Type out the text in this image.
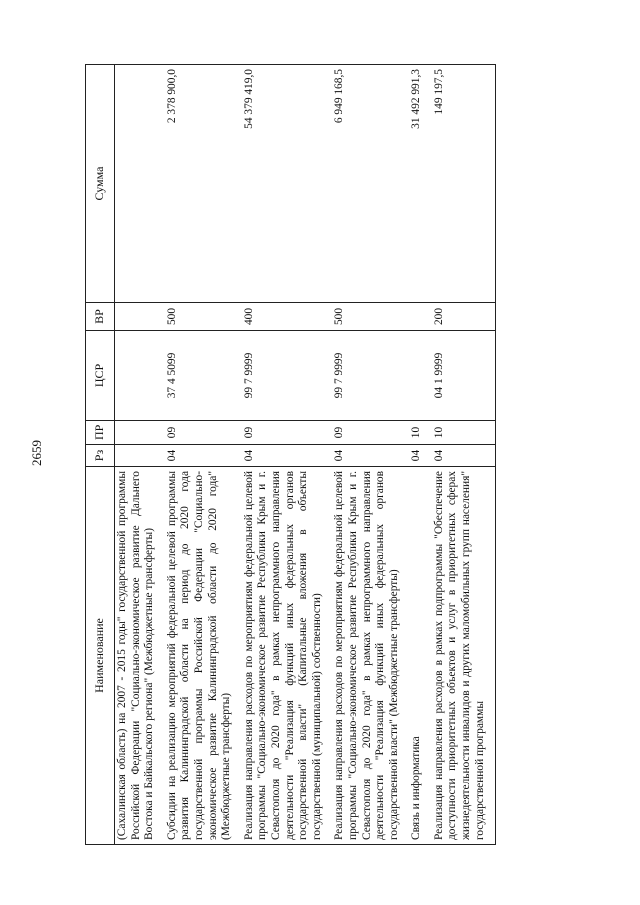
2659
Наименование	Рз	ПР	ЦСР	ВР	Сумма
(Сахалинская область) на 2007 - 2015 годы" государственной программы Российской Федерации "Социально-экономическое развитие Дальнего Востока и Байкальского региона" (Межбюджетные трансферты)					
Субсидии на реализацию мероприятий федеральной целевой программы развития Калининградской области на период до 2020 года государственной программы Российской Федерации "Социально-экономическое развитие Калининградской области до 2020 года" (Межбюджетные трансферты)	04	09	37 4 5099	500	2 378 900,0
Реализация направления расходов по мероприятиям федеральной целевой программы "Социально-экономическое развитие Республики Крым и г. Севастополя до 2020 года" в рамках непрограммного направления деятельности "Реализация функций иных федеральных органов государственной власти" (Капитальные вложения в объекты государственной (муниципальной) собственности)	04	09	99 7 9999	400	54 379 419,0
Реализация направления расходов по мероприятиям федеральной целевой программы "Социально-экономическое развитие Республики Крым и г. Севастополя до 2020 года" в рамках непрограммного направления деятельности "Реализация функций иных федеральных органов государственной власти" (Межбюджетные трансферты)	04	09	99 7 9999	500	6 949 168,5
Связь и информатика	04	10			31 492 991,3
Реализация направления расходов в рамках подпрограммы "Обеспечение доступности приоритетных объектов и услуг в приоритетных сферах жизнедеятельности инвалидов и других маломобильных групп населения" государственной программы	04	10	04 1 9999	200	149 197,5
